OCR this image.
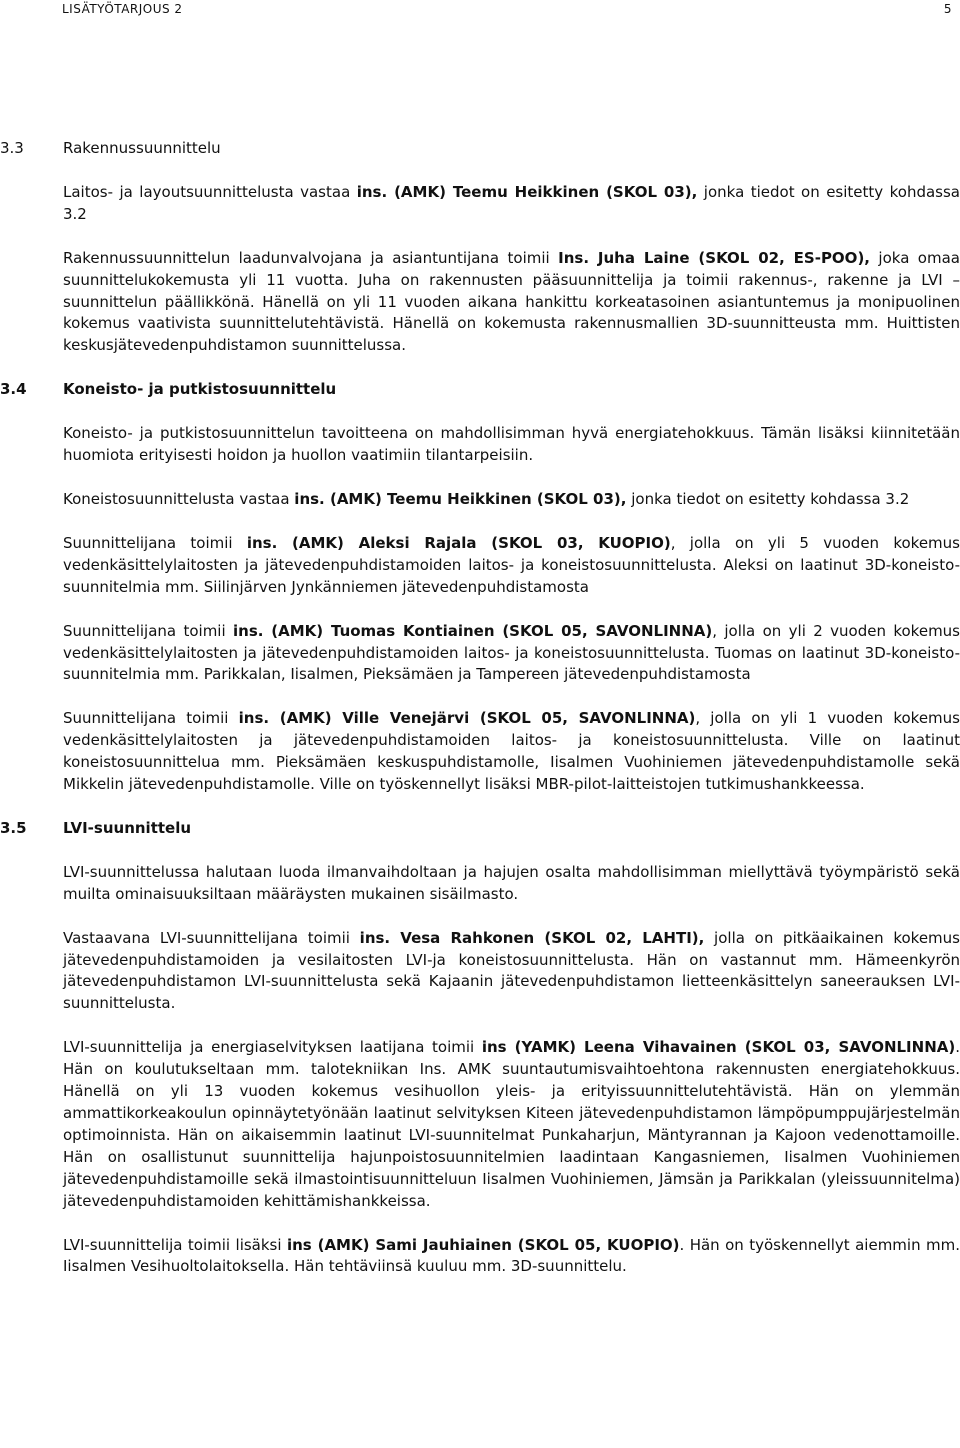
LISÄTYÖTARJOUS 2	5
3.3	Rakennussuunnittelu

Laitos- ja layoutsuunnittelusta vastaa ins. (AMK) Teemu Heikkinen (SKOL 03), jonka tiedot on esitetty kohdassa 3.2

Rakennussuunnittelun laadunvalvojana ja asiantuntijana toimii Ins. Juha Laine (SKOL 02, ES-POO), joka omaa suunnittelukokemusta yli 11 vuotta. Juha on rakennusten pääsuunnittelija ja toimii rakennus-, rakenne ja LVI – suunnittelun päällikkönä. Hänellä on yli 11 vuoden aikana hankittu korkeatasoinen asiantuntemus ja monipuolinen kokemus vaativista suunnittelutehtävistä. Hänellä on kokemusta rakennusmallien 3D-suunnitteusta mm. Huittisten keskusjätevedenpuhdistamon suunnittelussa.

3.4	Koneisto- ja putkistosuunnittelu

Koneisto- ja putkistosuunnittelun tavoitteena on mahdollisimman hyvä energiatehokkuus. Tämän lisäksi kiinnitetään huomiota erityisesti hoidon ja huollon vaatimiin tilantarpeisiin.

Koneistosuunnittelusta vastaa ins. (AMK) Teemu Heikkinen (SKOL 03), jonka tiedot on esitetty kohdassa 3.2

Suunnittelijana toimii ins. (AMK) Aleksi Rajala (SKOL 03, KUOPIO), jolla on yli 5 vuoden kokemus vedenkäsittelylaitosten ja jätevedenpuhdistamoiden laitos- ja koneistosuunnittelusta. Aleksi on laatinut 3D-koneisto-suunnitelmia mm. Siilinjärven Jynkänniemen jätevedenpuhdistamosta

Suunnittelijana toimii ins. (AMK) Tuomas Kontiainen (SKOL 05, SAVONLINNA), jolla on yli 2 vuoden kokemus vedenkäsittelylaitosten ja jätevedenpuhdistamoiden laitos- ja koneistosuunnittelusta. Tuomas on laatinut 3D-koneisto-suunnitelmia mm. Parikkalan, Iisalmen, Pieksämäen ja Tampereen jätevedenpuhdistamosta

Suunnittelijana toimii ins. (AMK) Ville Venejärvi (SKOL 05, SAVONLINNA), jolla on yli 1 vuoden kokemus vedenkäsittelylaitosten ja jätevedenpuhdistamoiden laitos- ja koneistosuunnittelusta. Ville on laatinut koneistosuunnittelua mm. Pieksämäen keskuspuhdistamolle, Iisalmen Vuohiniemen jätevedenpuhdistamolle sekä Mikkelin jätevedenpuhdistamolle. Ville on työskennellyt lisäksi MBR-pilot-laitteistojen tutkimushankkeessa.

3.5	LVI-suunnittelu

LVI-suunnittelussa halutaan luoda ilmanvaihdoltaan ja hajujen osalta mahdollisimman miellyttävä työympäristö sekä muilta ominaisuuksiltaan määräysten mukainen sisäilmasto.

Vastaavana LVI-suunnittelijana toimii ins. Vesa Rahkonen (SKOL 02, LAHTI), jolla on pitkäaikainen kokemus jätevedenpuhdistamoiden ja vesilaitosten LVI-ja koneistosuunnittelusta. Hän on vastannut mm. Hämeenkyrön jätevedenpuhdistamon LVI-suunnittelusta sekä Kajaanin jätevedenpuhdistamon lietteenkäsittelyn saneerauksen LVI-suunnittelusta.

LVI-suunnittelija ja energiaselvityksen laatijana toimii ins (YAMK) Leena Vihavainen (SKOL 03, SAVONLINNA). Hän on koulutukseltaan mm. talotekniikan Ins. AMK suuntautumisvaihtoehtona rakennusten energiatehokkuus. Hänellä on yli 13 vuoden kokemus vesihuollon yleis- ja erityissuunnittelutehtävistä. Hän on ylemmän ammattikorkeakoulun opinnäytetyönään laatinut selvityksen Kiteen jätevedenpuhdistamon lämpöpumppujärjestelmän optimoinnista. Hän on aikaisemmin laatinut LVI-suunnitelmat Punkaharjun, Mäntyrannan ja Kajoon vedenottamoille. Hän on osallistunut suunnittelija hajunpoistosuunnitelmien laadintaan Kangasniemen, Iisalmen Vuohiniemen jätevedenpuhdistamoille sekä ilmastointisuunnitteluun Iisalmen Vuohiniemen, Jämsän ja Parikkalan (yleissuunnitelma) jätevedenpuhdistamoiden kehittämishankkeissa.

LVI-suunnittelija toimii lisäksi ins (AMK) Sami Jauhiainen (SKOL 05, KUOPIO). Hän on työskennellyt aiemmin mm. Iisalmen Vesihuoltolaitoksella. Hän tehtäviinsä kuuluu mm. 3D-suunnittelu.
